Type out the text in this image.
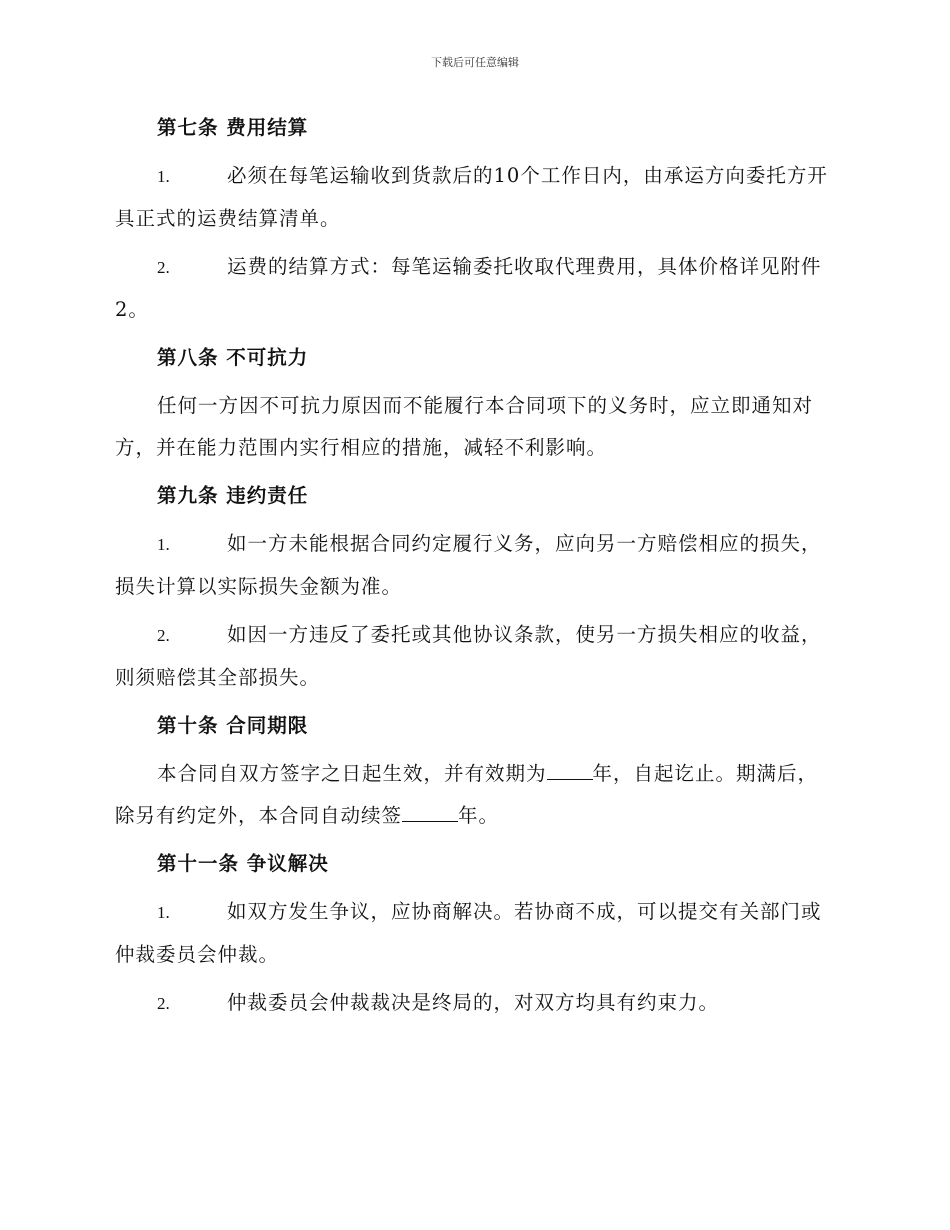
下载后可任意编辑
第七条 费用结算

1.	必须在每笔运输收到货款后的10个工作日内，由承运方向委托方开具正式的运费结算清单。

2.	运费的结算方式：每笔运输委托收取代理费用，具体价格详见附件2。

第八条 不可抗力

任何一方因不可抗力原因而不能履行本合同项下的义务时，应立即通知对方，并在能力范围内实行相应的措施，减轻不利影响。

第九条 违约责任

1.	如一方未能根据合同约定履行义务，应向另一方赔偿相应的损失，损失计算以实际损失金额为准。

2.	如因一方违反了委托或其他协议条款，使另一方损失相应的收益，则须赔偿其全部损失。

第十条 合同期限

本合同自双方签字之日起生效，并有效期为 年，自起讫止。期满后，除另有约定外，本合同自动续签	年。

第十一条 争议解决

1.	如双方发生争议，应协商解决。若协商不成，可以提交有关部门或仲裁委员会仲裁。

2.	仲裁委员会仲裁裁决是终局的，对双方均具有约束力。
